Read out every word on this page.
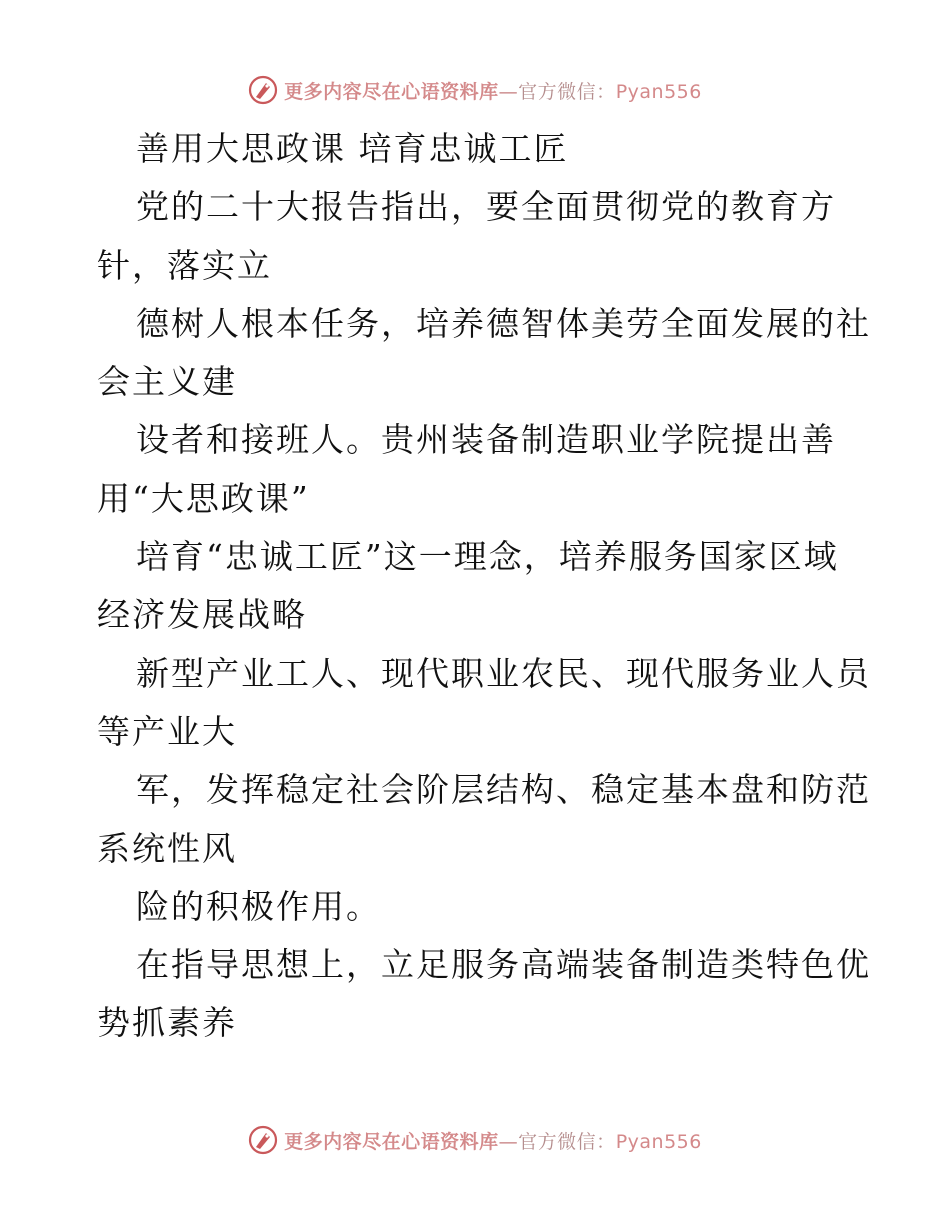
更多内容尽在心语资料库—官方微信：Pyan556
善用大思政课 培育忠诚工匠
党的二十大报告指出，要全面贯彻党的教育方
针，落实立
德树人根本任务，培养德智体美劳全面发展的社
会主义建
设者和接班人。贵州装备制造职业学院提出善
用“大思政课”
培育“忠诚工匠”这一理念，培养服务国家区域
经济发展战略
新型产业工人、现代职业农民、现代服务业人员
等产业大
军，发挥稳定社会阶层结构、稳定基本盘和防范
系统性风
险的积极作用。
在指导思想上，立足服务高端装备制造类特色优
势抓素养
更多内容尽在心语资料库—官方微信：Pyan556
